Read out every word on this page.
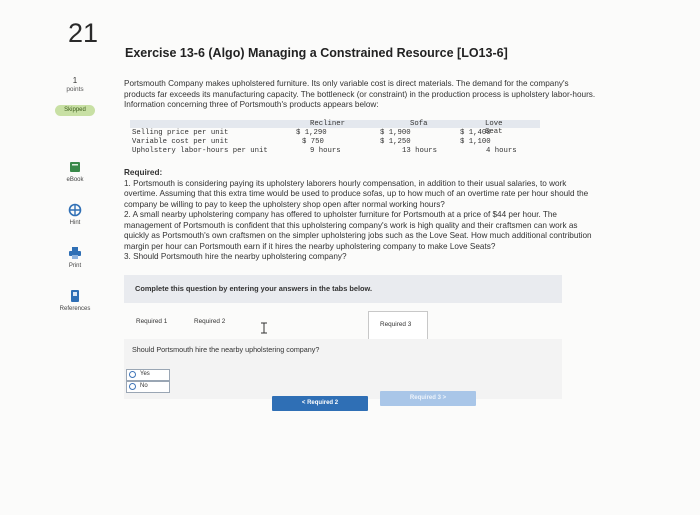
21
Exercise 13-6 (Algo) Managing a Constrained Resource [LO13-6]
1
points
Skipped
eBook
Hint
Print
References
Portsmouth Company makes upholstered furniture. Its only variable cost is direct materials. The demand for the company's
products far exceeds its manufacturing capacity. The bottleneck (or constraint) in the production process is upholstery labor-hours.
Information concerning three of Portsmouth's products appears below:
Recliner	Sofa	Love Seat
Selling price per unit	$ 1,290	$ 1,900	$ 1,400
Variable cost per unit	$ 750	$ 1,250	$ 1,100
Upholstery labor-hours per unit	9 hours	13 hours	4 hours
Required:
1. Portsmouth is considering paying its upholstery laborers hourly compensation, in addition to their usual salaries, to work
overtime. Assuming that this extra time would be used to produce sofas, up to how much of an overtime rate per hour should the
company be willing to pay to keep the upholstery shop open after normal working hours?
2. A small nearby upholstering company has offered to upholster furniture for Portsmouth at a price of $44 per hour. The
management of Portsmouth is confident that this upholstering company's work is high quality and their craftsmen can work as
quickly as Portsmouth's own craftsmen on the simpler upholstering jobs such as the Love Seat. How much additional contribution
margin per hour can Portsmouth earn if it hires the nearby upholstering company to make Love Seats?
3. Should Portsmouth hire the nearby upholstering company?
Complete this question by entering your answers in the tabs below.
Required 1	Required 2	Required 3
Should Portsmouth hire the nearby upholstering company?
Yes
No
< Required 2
Required 3 >
